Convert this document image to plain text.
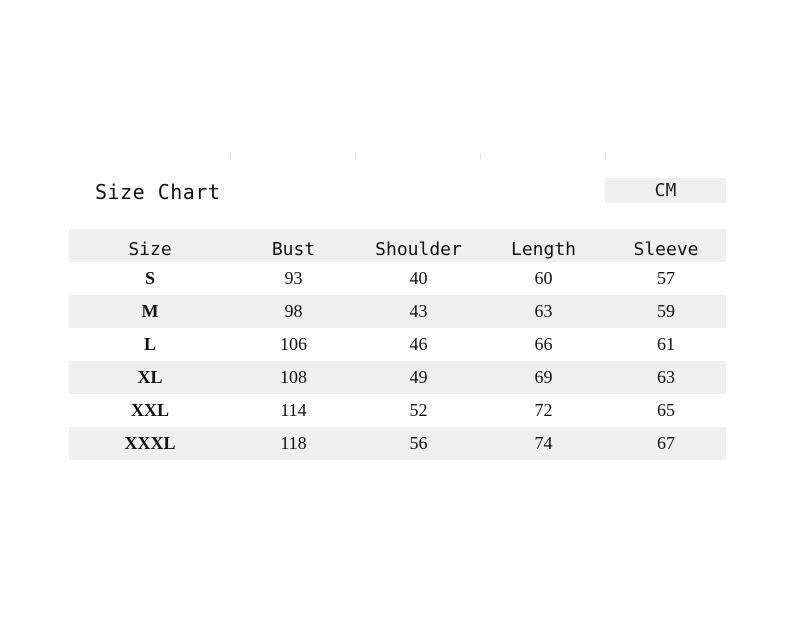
Size Chart	CM
Size	Bust	Shoulder	Length	Sleeve
S	93	40	60	57
M	98	43	63	59
L	106	46	66	61
XL	108	49	69	63
XXL	114	52	72	65
XXXL	118	56	74	67
